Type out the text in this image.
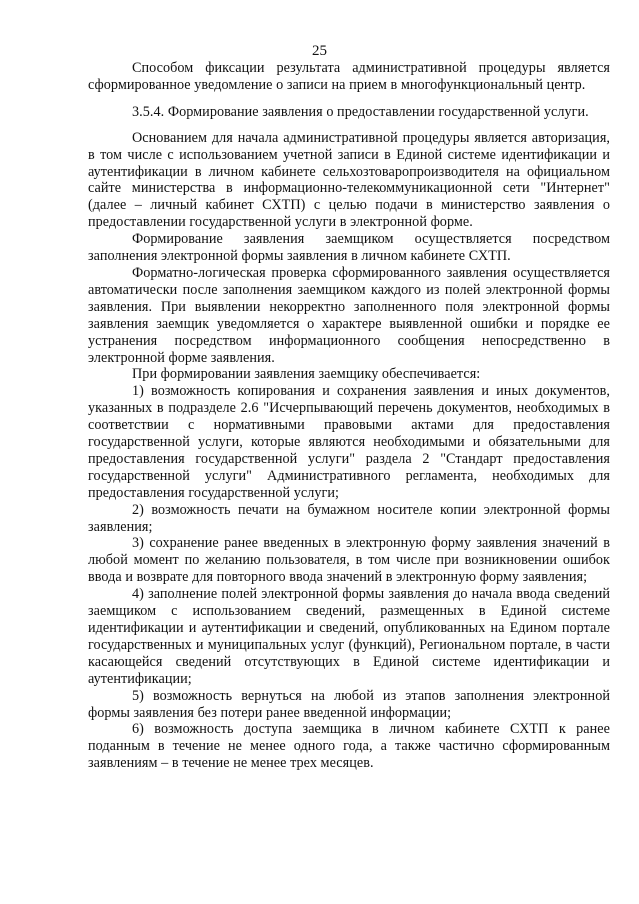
25

Способом фиксации результата административной процедуры является сформированное уведомление о записи на прием в многофункциональный центр.

3.5.4. Формирование заявления о предоставлении государственной услуги.

Основанием для начала административной процедуры является авторизация, в том числе с использованием учетной записи в Единой системе идентификации и аутентификации в личном кабинете сельхозтоваропроизводителя на официальном сайте министерства в информационно-телекоммуникационной сети "Интернет" (далее – личный кабинет СХТП) с целью подачи в министерство заявления о предоставлении государственной услуги в электронной форме.

Формирование заявления заемщиком осуществляется посредством заполнения электронной формы заявления в личном кабинете СХТП.

Форматно-логическая проверка сформированного заявления осуществляется автоматически после заполнения заемщиком каждого из полей электронной формы заявления. При выявлении некорректно заполненного поля электронной формы заявления заемщик уведомляется о характере выявленной ошибки и порядке ее устранения посредством информационного сообщения непосредственно в электронной форме заявления.

При формировании заявления заемщику обеспечивается:

1) возможность копирования и сохранения заявления и иных документов, указанных в подразделе 2.6 "Исчерпывающий перечень документов, необходимых в соответствии с нормативными правовыми актами для предоставления государственной услуги, которые являются необходимыми и обязательными для предоставления государственной услуги" раздела 2 "Стандарт предоставления государственной услуги" Административного регламента, необходимых для предоставления государственной услуги;

2) возможность печати на бумажном носителе копии электронной формы заявления;

3) сохранение ранее введенных в электронную форму заявления значений в любой момент по желанию пользователя, в том числе при возникновении ошибок ввода и возврате для повторного ввода значений в электронную форму заявления;

4) заполнение полей электронной формы заявления до начала ввода сведений заемщиком с использованием сведений, размещенных в Единой системе идентификации и аутентификации и сведений, опубликованных на Едином портале государственных и муниципальных услуг (функций), Региональном портале, в части касающейся сведений отсутствующих в Единой системе идентификации и аутентификации;

5) возможность вернуться на любой из этапов заполнения электронной формы заявления без потери ранее введенной информации;

6) возможность доступа заемщика в личном кабинете СХТП к ранее поданным в течение не менее одного года, а также частично сформированным заявлениям – в течение не менее трех месяцев.
